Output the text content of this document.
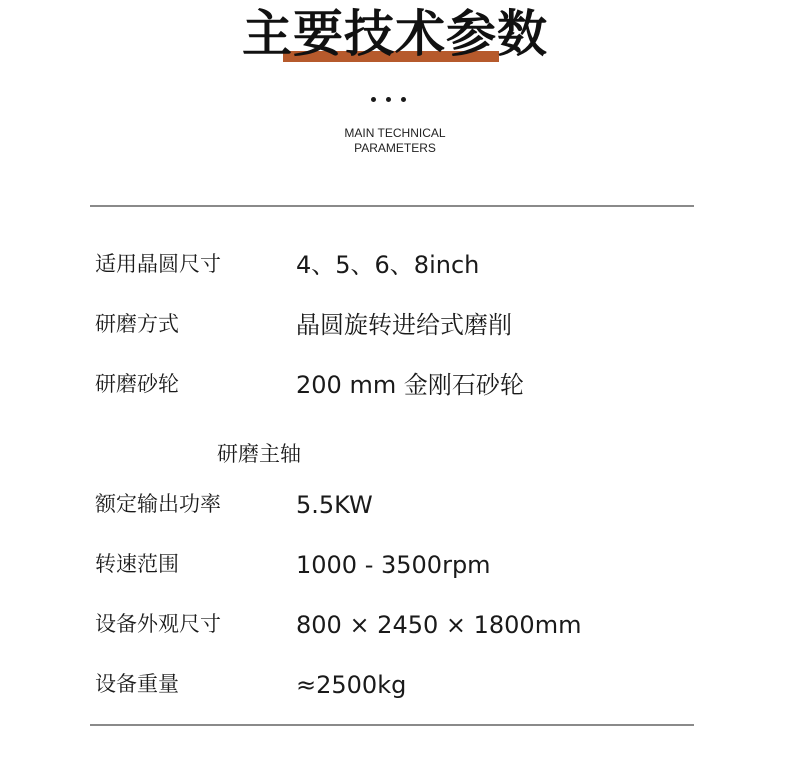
主要技术参数
MAIN TECHNICAL
PARAMETERS
适用晶圆尺寸	4、5、6、8inch
研磨方式	晶圆旋转进给式磨削
研磨砂轮	200 mm 金刚石砂轮
研磨主轴
额定输出功率	5.5KW
转速范围	1000 - 3500rpm
设备外观尺寸	800 × 2450 × 1800mm
设备重量	≈2500kg
